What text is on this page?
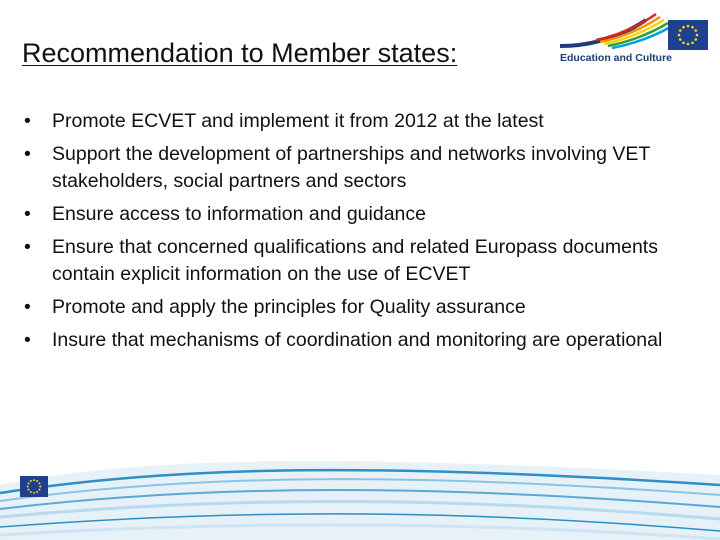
Recommendation to Member states:	Education and Culture
• Promote ECVET and implement it from 2012 at the latest
• Support the development of partnerships and networks involving VET stakeholders, social partners and sectors
• Ensure access to information and guidance
• Ensure that concerned qualifications and related Europass documents contain explicit information on the use of ECVET
• Promote and apply the principles for Quality assurance
• Insure that mechanisms of coordination and monitoring are operational
